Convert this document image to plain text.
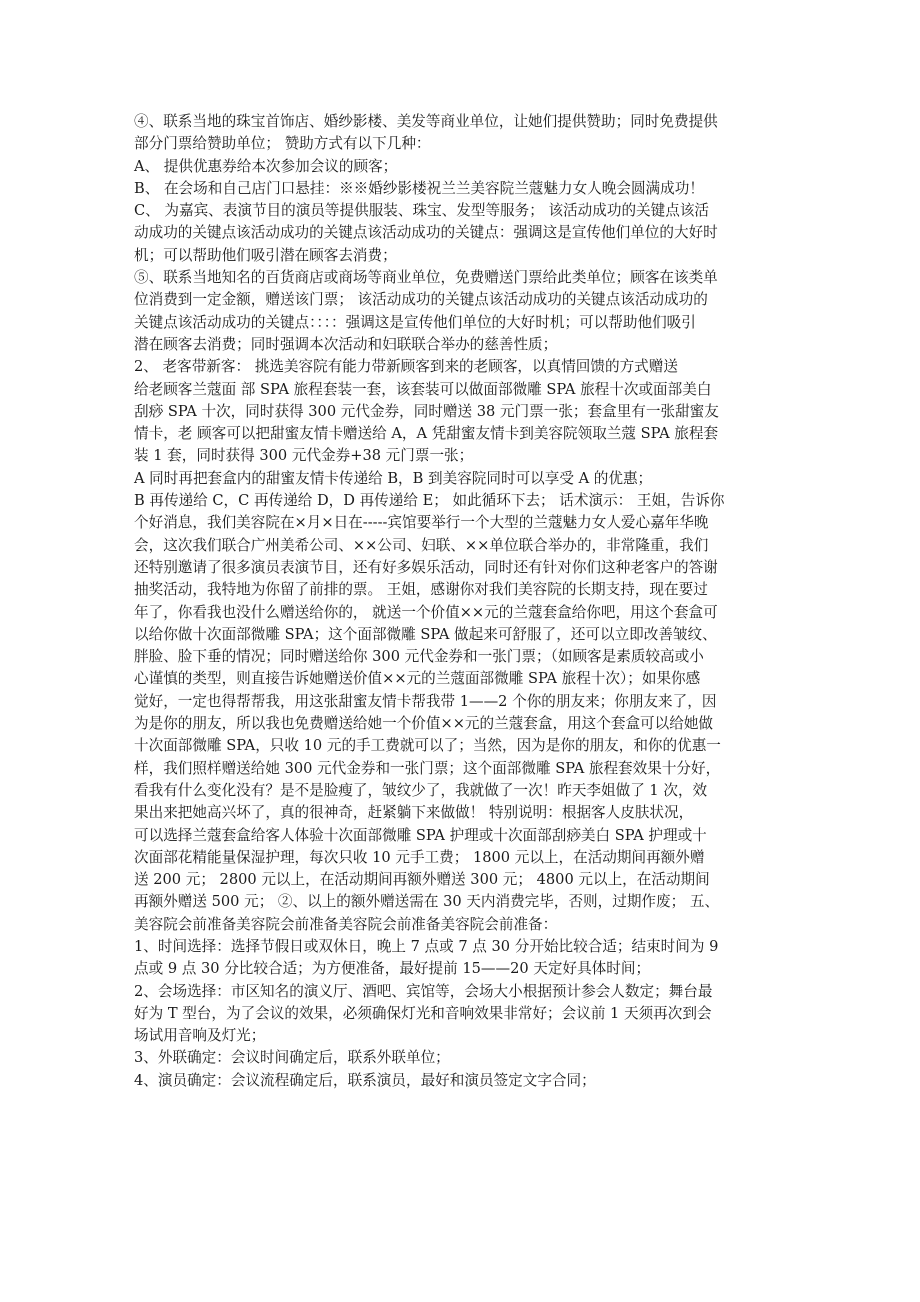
④、联系当地的珠宝首饰店、婚纱影楼、美发等商业单位，让她们提供赞助；同时免费提供
部分门票给赞助单位； 赞助方式有以下几种：
A、 提供优惠券给本次参加会议的顾客；
B、 在会场和自己店门口悬挂：※※婚纱影楼祝兰兰美容院兰蔻魅力女人晚会圆满成功！
C、 为嘉宾、表演节目的演员等提供服装、珠宝、发型等服务； 该活动成功的关键点该活
动成功的关键点该活动成功的关键点该活动成功的关键点：强调这是宣传他们单位的大好时
机；可以帮助他们吸引潜在顾客去消费；
⑤、联系当地知名的百货商店或商场等商业单位，免费赠送门票给此类单位；顾客在该类单
位消费到一定金额，赠送该门票； 该活动成功的关键点该活动成功的关键点该活动成功的
关键点该活动成功的关键点：：：：强调这是宣传他们单位的大好时机；可以帮助他们吸引
潜在顾客去消费；同时强调本次活动和妇联联合举办的慈善性质；
2、 老客带新客： 挑选美容院有能力带新顾客到来的老顾客，以真情回馈的方式赠送
给老顾客兰蔻面 部 SPA 旅程套装一套，该套装可以做面部微雕 SPA 旅程十次或面部美白
刮痧 SPA 十次，同时获得 300 元代金券，同时赠送 38 元门票一张；套盒里有一张甜蜜友
情卡，老 顾客可以把甜蜜友情卡赠送给 A，A 凭甜蜜友情卡到美容院领取兰蔻 SPA 旅程套
装 1 套，同时获得 300 元代金券+38 元门票一张；
A 同时再把套盒内的甜蜜友情卡传递给 B，B 到美容院同时可以享受 A 的优惠；
B 再传递给 C，C 再传递给 D，D 再传递给 E； 如此循环下去； 话术演示： 王姐，告诉你
个好消息，我们美容院在×月×日在-----宾馆要举行一个大型的兰蔻魅力女人爱心嘉年华晚
会，这次我们联合广州美希公司、××公司、妇联、××单位联合举办的，非常隆重，我们
还特别邀请了很多演员表演节目，还有好多娱乐活动，同时还有针对你们这种老客户的答谢
抽奖活动，我特地为你留了前排的票。 王姐，感谢你对我们美容院的长期支持，现在要过
年了，你看我也没什么赠送给你的， 就送一个价值××元的兰蔻套盒给你吧，用这个套盒可
以给你做十次面部微雕 SPA；这个面部微雕 SPA 做起来可舒服了，还可以立即改善皱纹、
胖脸、脸下垂的情况；同时赠送给你 300 元代金券和一张门票；（如顾客是素质较高或小
心谨慎的类型，则直接告诉她赠送价值××元的兰蔻面部微雕 SPA 旅程十次）；如果你感
觉好，一定也得帮帮我，用这张甜蜜友情卡帮我带 1——2 个你的朋友来；你朋友来了，因
为是你的朋友，所以我也免费赠送给她一个价值××元的兰蔻套盒，用这个套盒可以给她做
十次面部微雕 SPA，只收 10 元的手工费就可以了；当然，因为是你的朋友，和你的优惠一
样，我们照样赠送给她 300 元代金券和一张门票；这个面部微雕 SPA 旅程套效果十分好，
看我有什么变化没有？是不是脸瘦了，皱纹少了，我就做了一次！昨天李姐做了 1 次，效
果出来把她高兴坏了，真的很神奇，赶紧躺下来做做！ 特别说明：根据客人皮肤状况，
可以选择兰蔻套盒给客人体验十次面部微雕 SPA 护理或十次面部刮痧美白 SPA 护理或十
次面部花精能量保湿护理，每次只收 10 元手工费； 1800 元以上，在活动期间再额外赠
送 200 元； 2800 元以上，在活动期间再额外赠送 300 元； 4800 元以上，在活动期间
再额外赠送 500 元； ②、以上的额外赠送需在 30 天内消费完毕，否则，过期作废； 五、
美容院会前准备美容院会前准备美容院会前准备美容院会前准备：
1、时间选择：选择节假日或双休日，晚上 7 点或 7 点 30 分开始比较合适；结束时间为 9
点或 9 点 30 分比较合适；为方便准备，最好提前 15——20 天定好具体时间；
2、会场选择：市区知名的演义厅、酒吧、宾馆等，会场大小根据预计参会人数定；舞台最
好为 T 型台，为了会议的效果，必须确保灯光和音响效果非常好；会议前 1 天须再次到会
场试用音响及灯光；
3、外联确定：会议时间确定后，联系外联单位；
4、演员确定：会议流程确定后，联系演员，最好和演员签定文字合同；
